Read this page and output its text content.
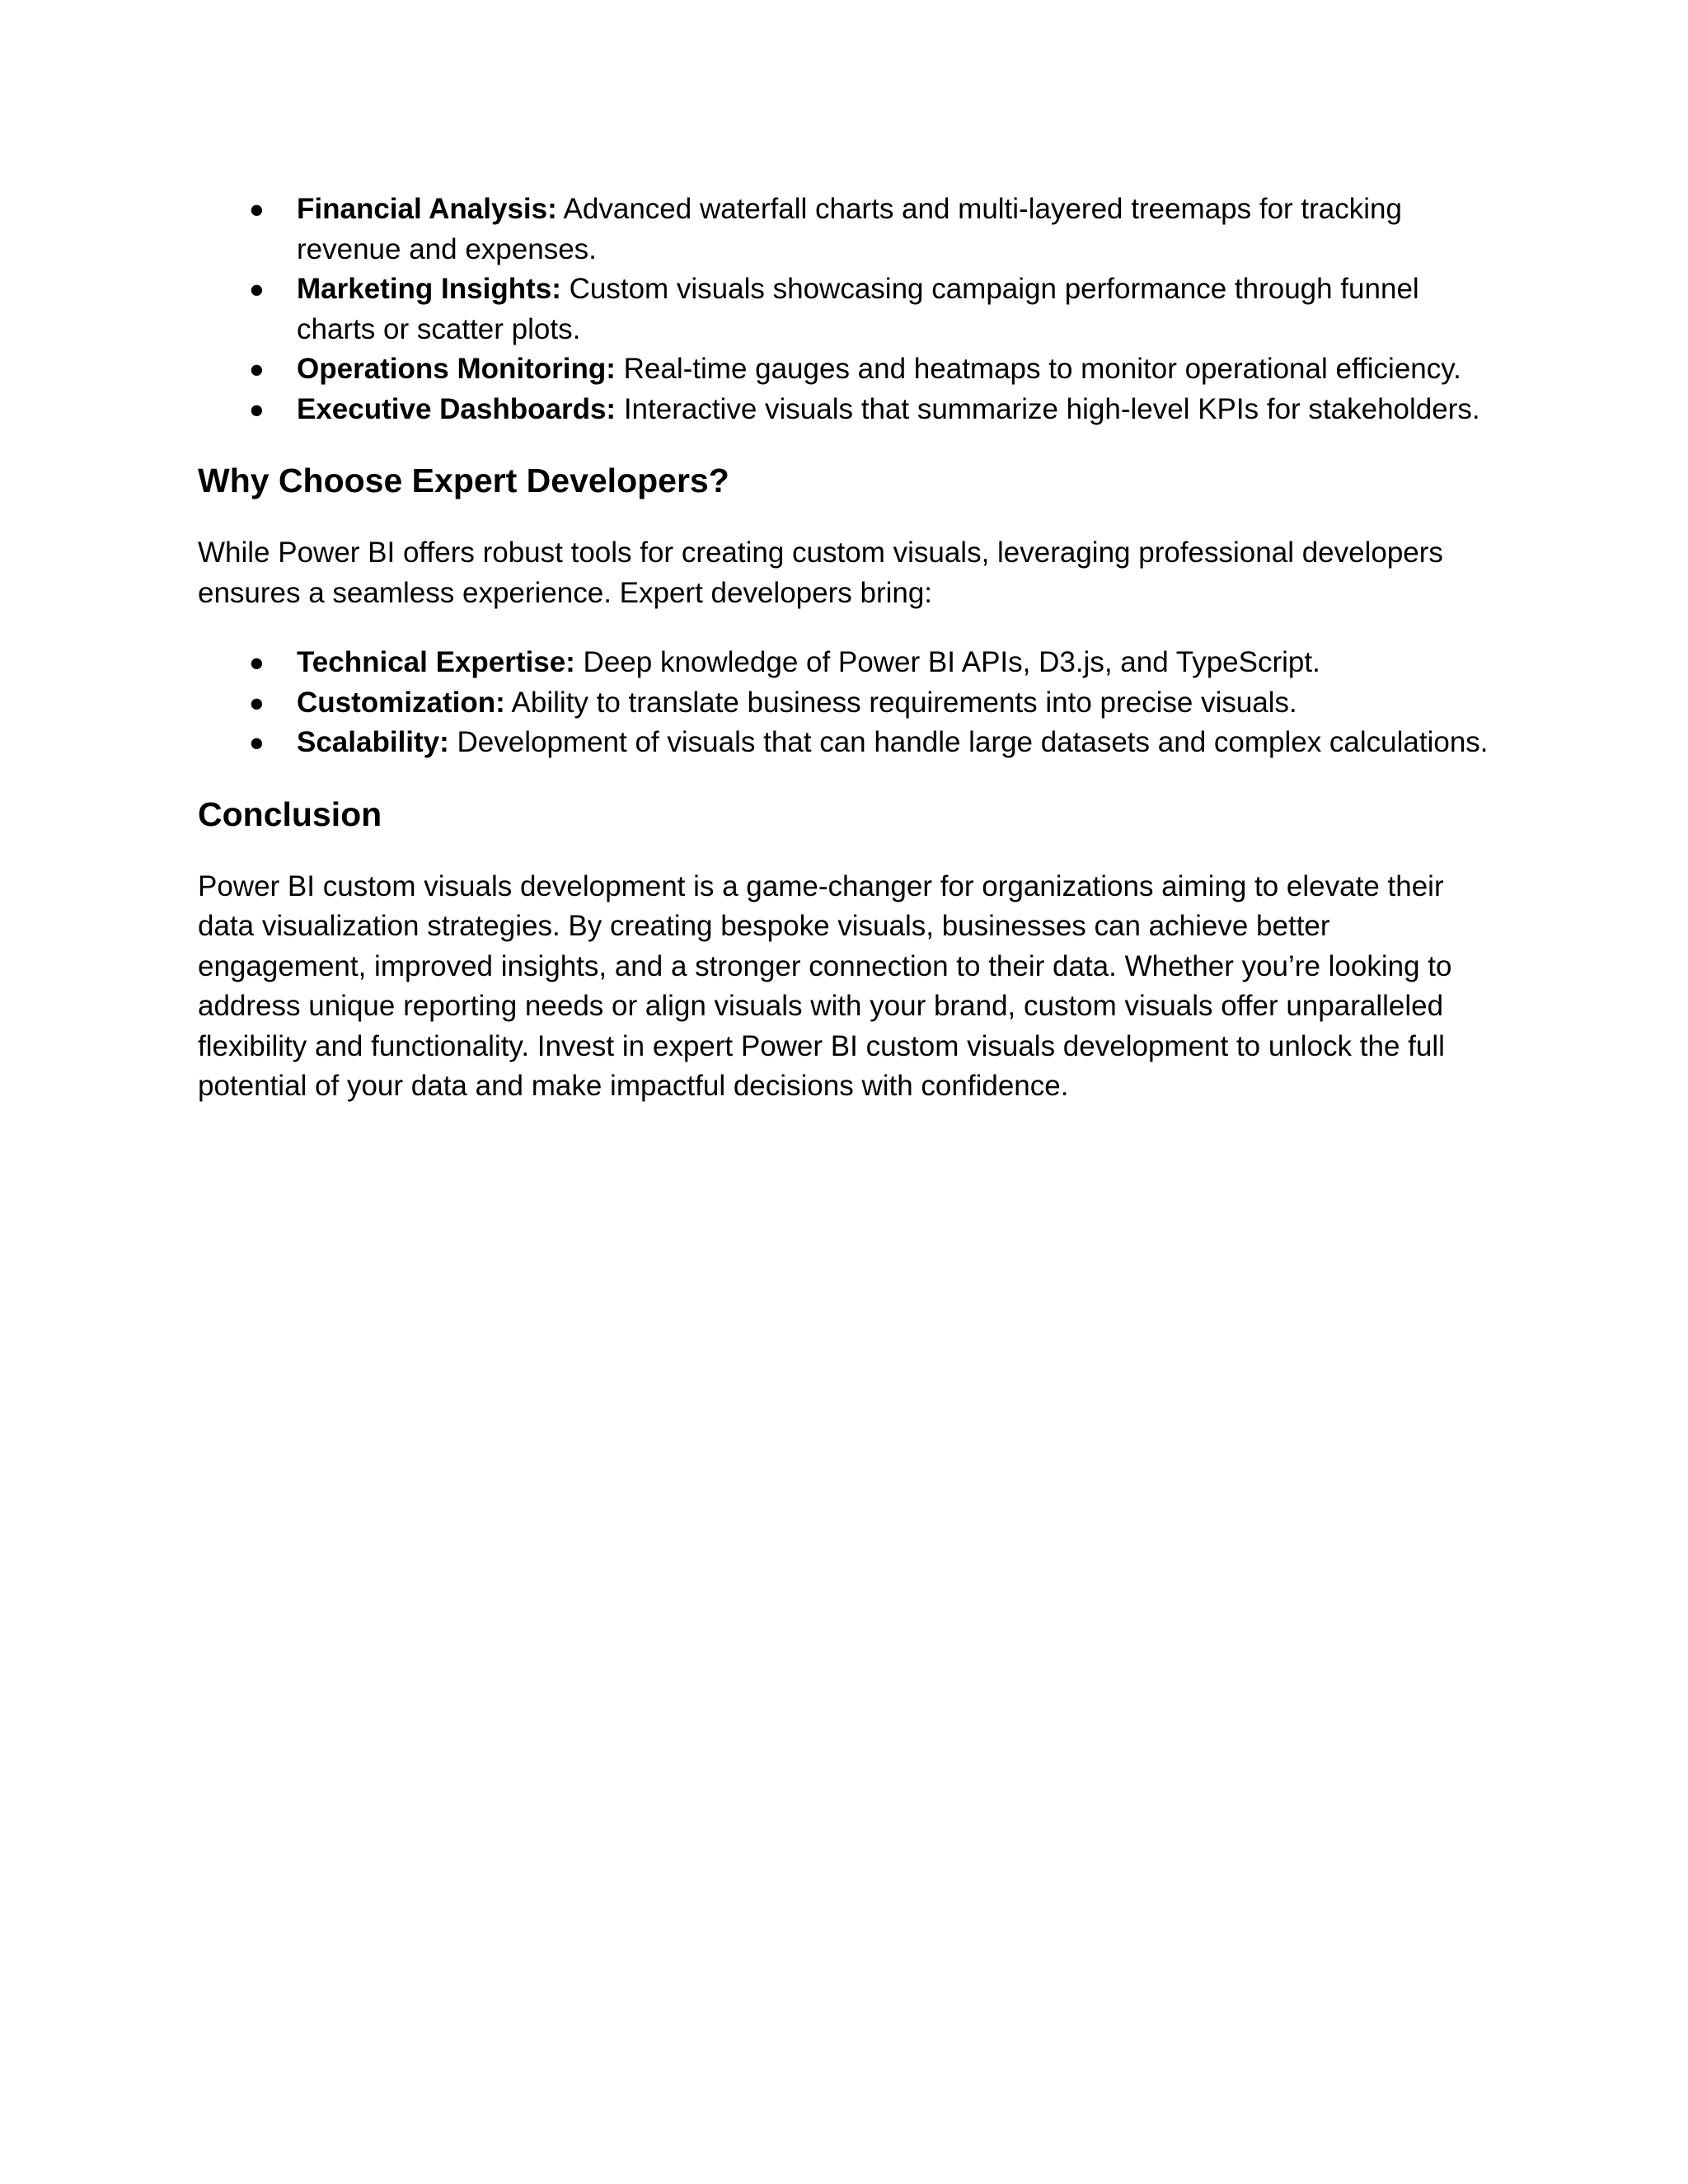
●	Financial Analysis: Advanced waterfall charts and multi-layered treemaps for tracking revenue and expenses.
●	Marketing Insights: Custom visuals showcasing campaign performance through funnel charts or scatter plots.
●	Operations Monitoring: Real-time gauges and heatmaps to monitor operational efficiency.
●	Executive Dashboards: Interactive visuals that summarize high-level KPIs for stakeholders.
Why Choose Expert Developers?

While Power BI offers robust tools for creating custom visuals, leveraging professional developers ensures a seamless experience. Expert developers bring:

●	Technical Expertise: Deep knowledge of Power BI APIs, D3.js, and TypeScript.
●	Customization: Ability to translate business requirements into precise visuals.
●	Scalability: Development of visuals that can handle large datasets and complex calculations.
Conclusion

Power BI custom visuals development is a game-changer for organizations aiming to elevate their data visualization strategies. By creating bespoke visuals, businesses can achieve better engagement, improved insights, and a stronger connection to their data. Whether you’re looking to address unique reporting needs or align visuals with your brand, custom visuals offer unparalleled flexibility and functionality. Invest in expert Power BI custom visuals development to unlock the full potential of your data and make impactful decisions with confidence.
